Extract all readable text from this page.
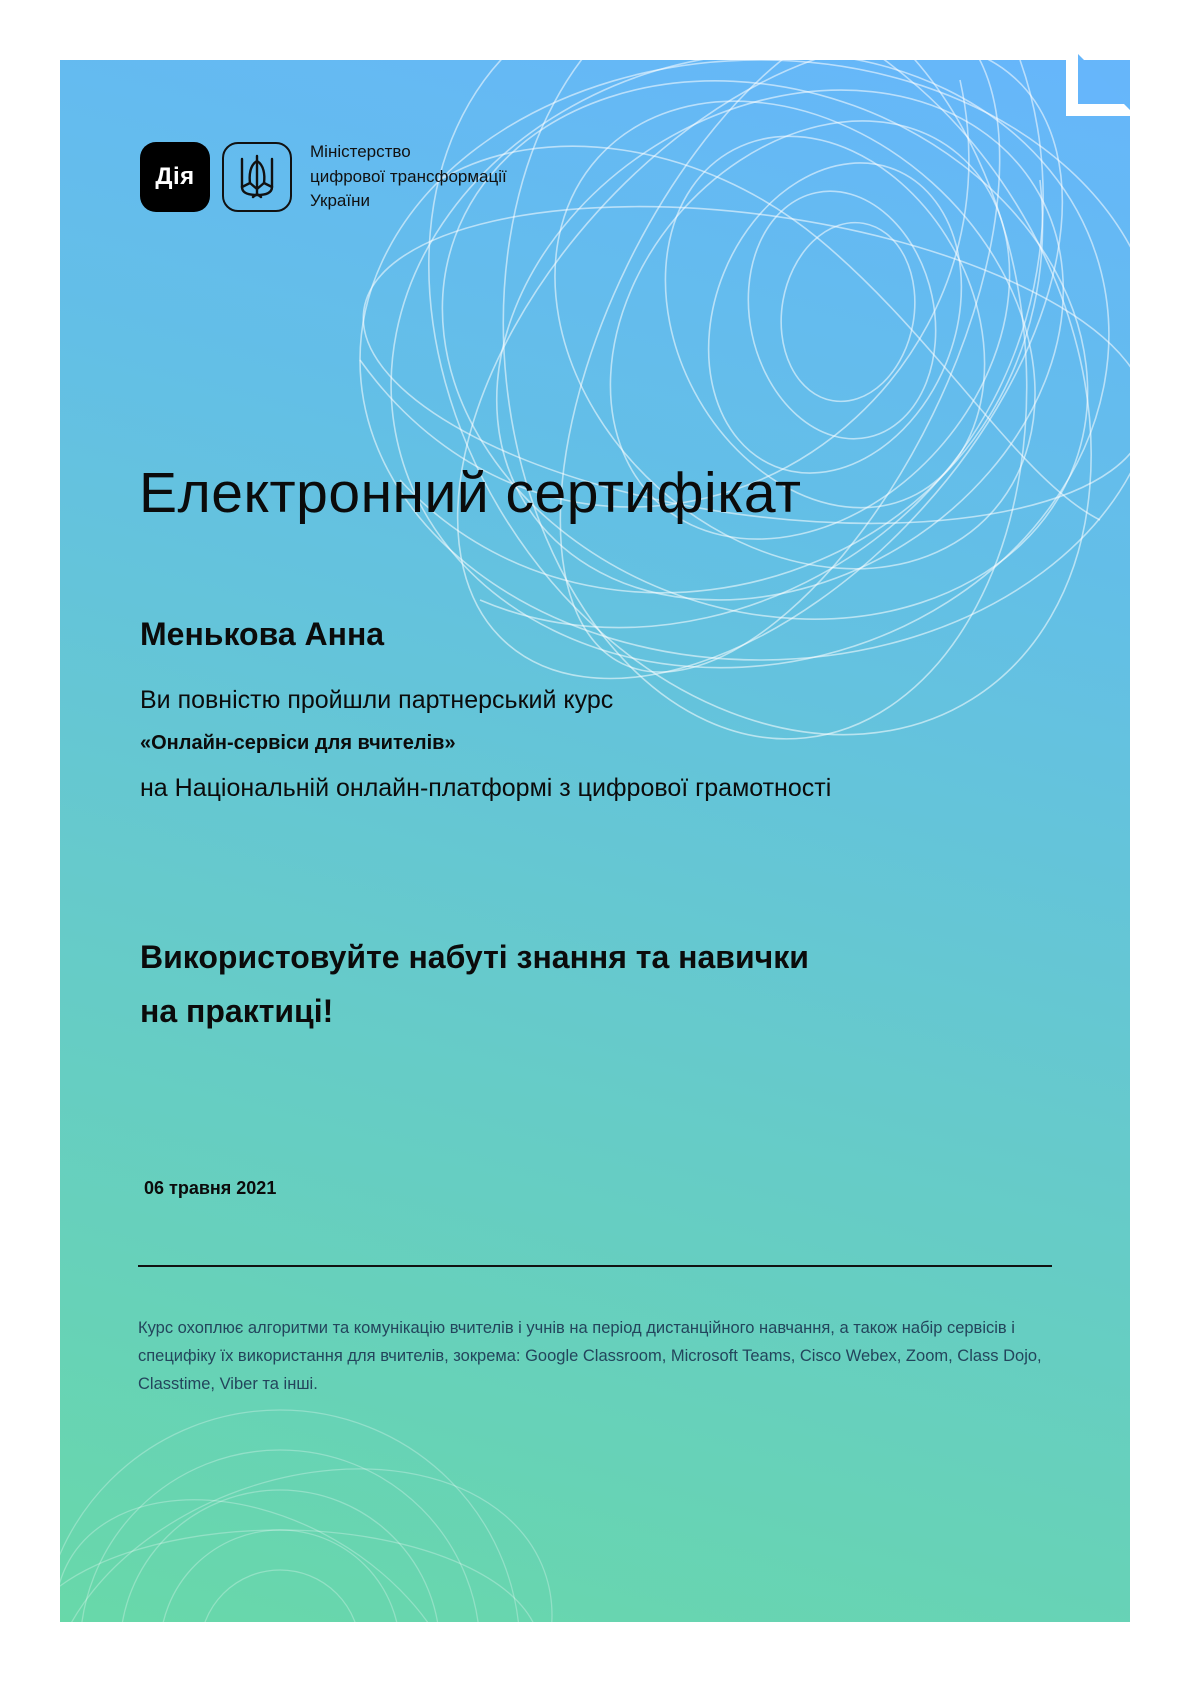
Дія
Міністерство
цифрової трансформації
України
Електронний сертифікат
Менькова Анна
Ви повністю пройшли партнерський курс
«Онлайн-сервіси для вчителів»
на Національній онлайн-платформі з цифрової грамотності

Використовуйте набуті знання та навички
на практиці!

06 травня 2021
Курс охоплює алгоритми та комунікацію вчителів і учнів на період дистанційного навчання, а також набір сервісів і специфіку їх використання для вчителів, зокрема: Google Classroom, Microsoft Teams, Cisco Webex, Zoom, Class Dojo, Classtime, Viber та інші.
